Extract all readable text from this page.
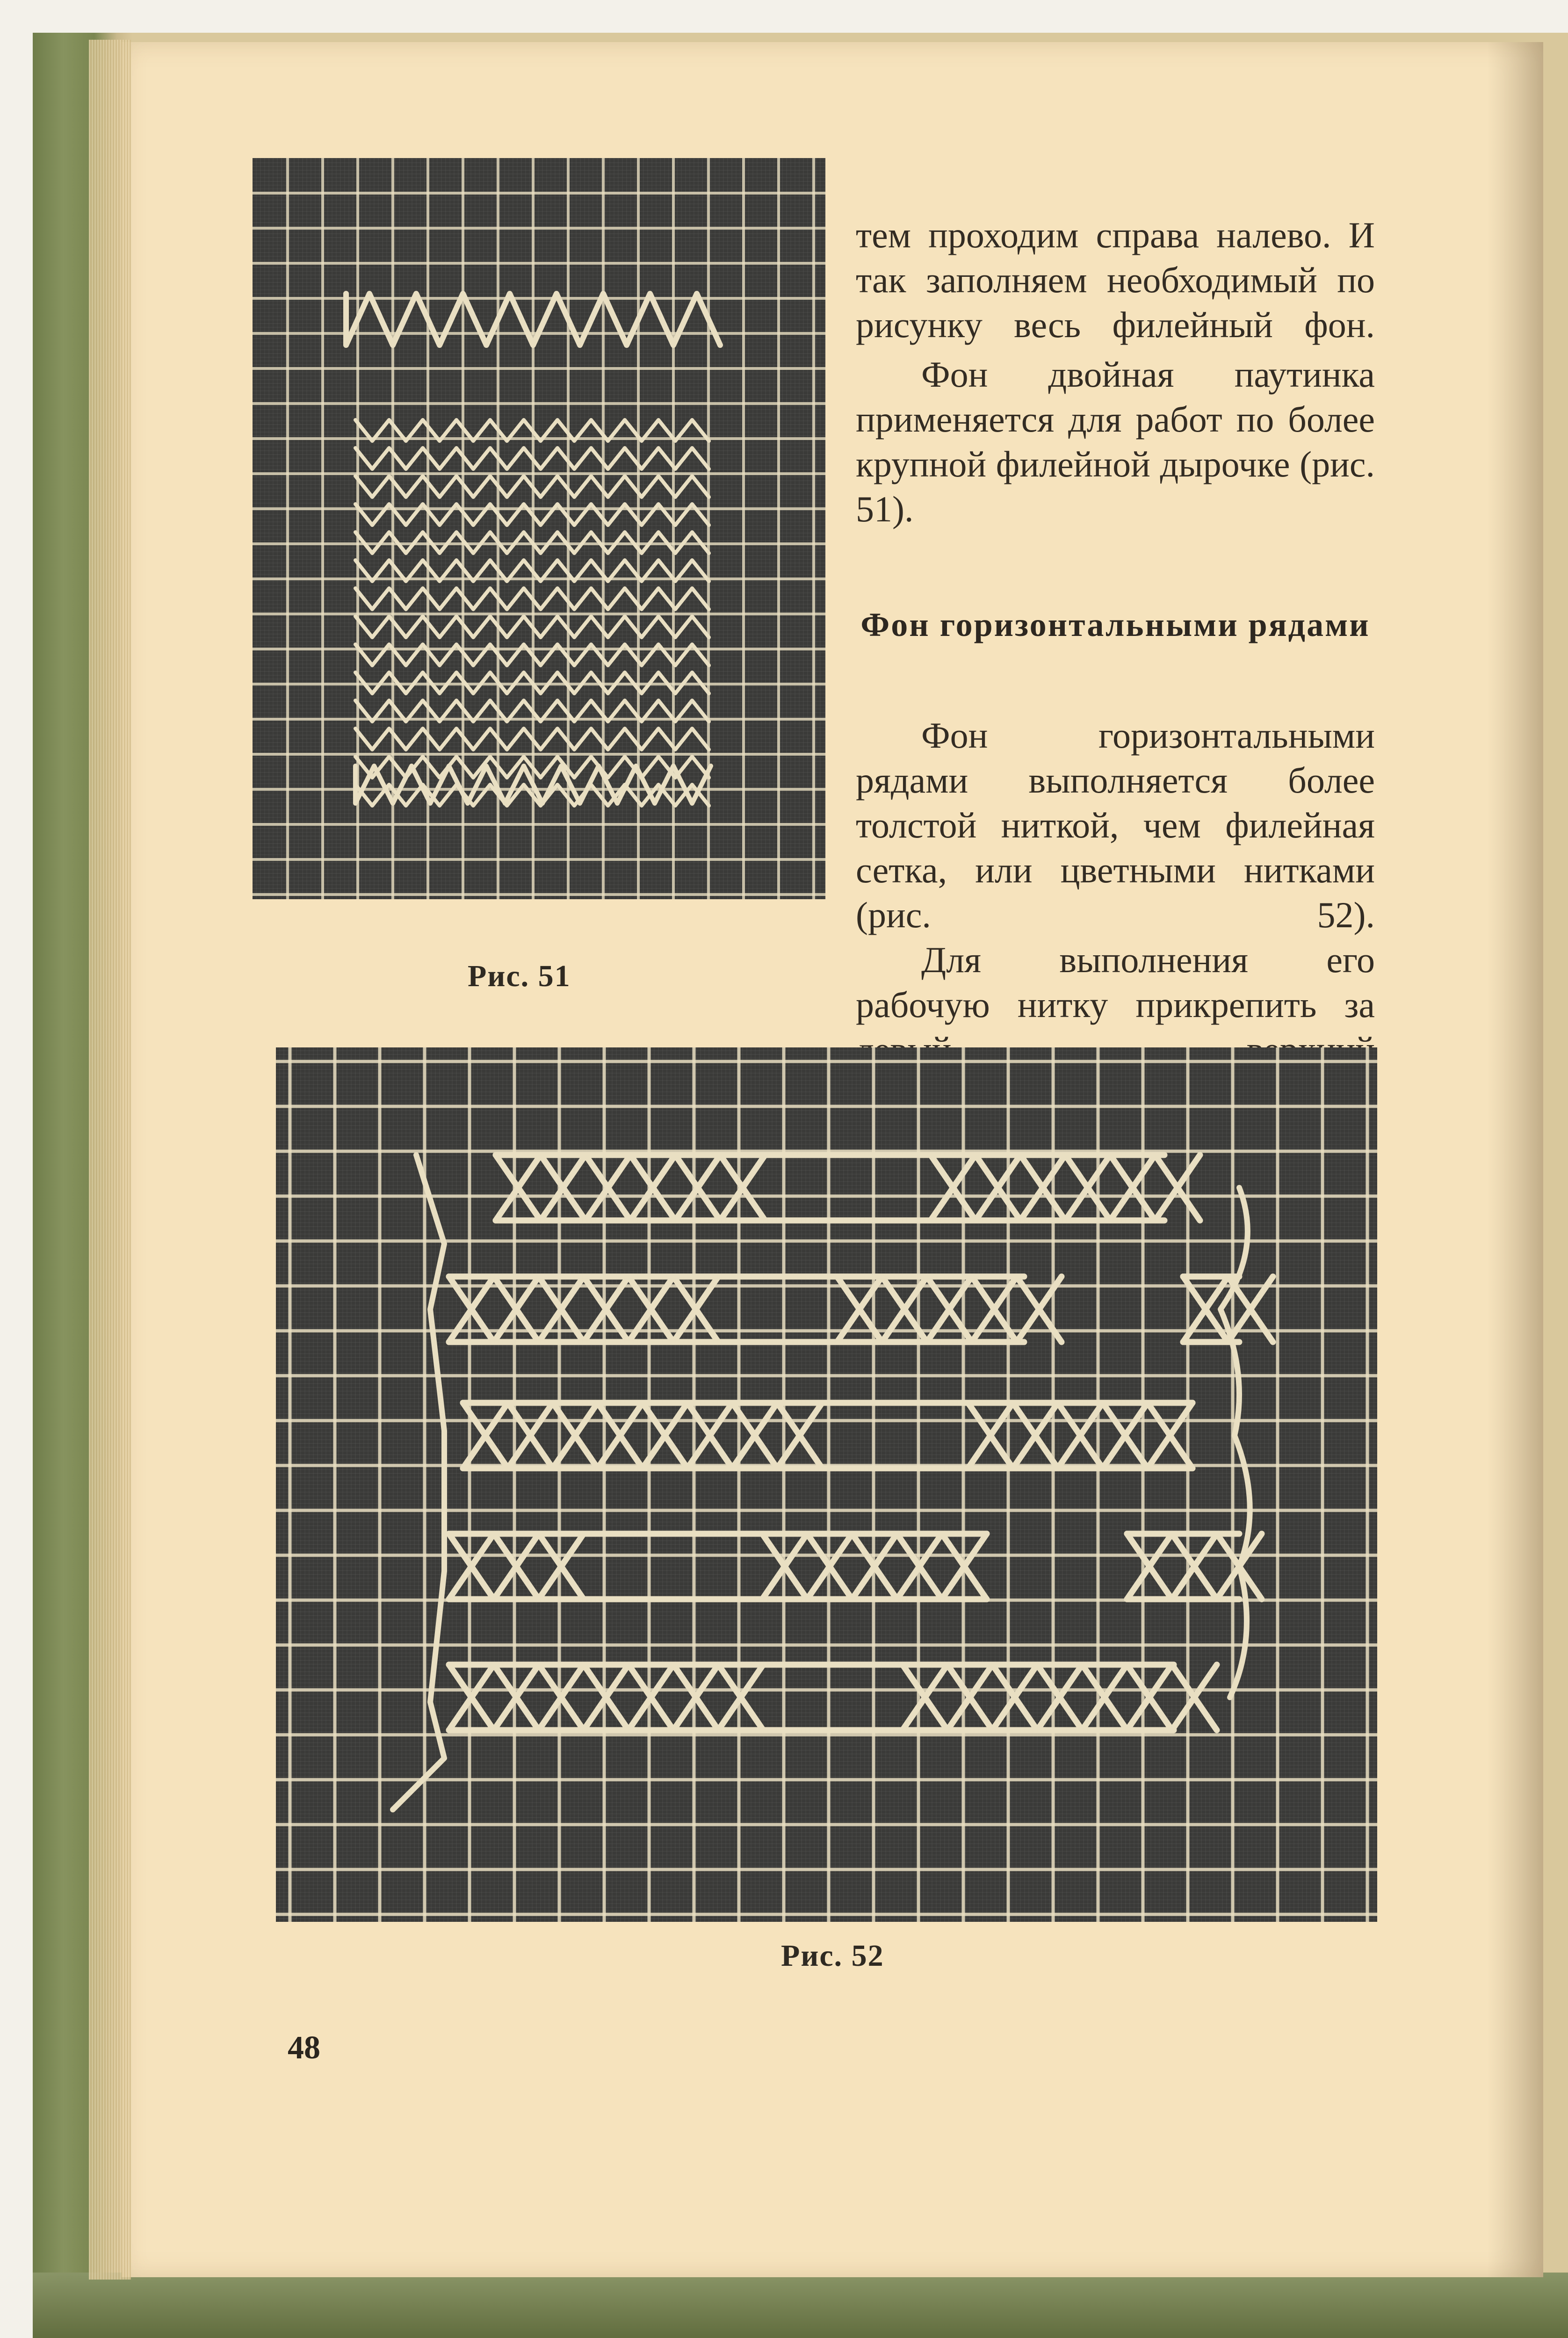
Рис. 51

тем проходим справа налево. И так заполняем необходимый по рисунку весь филейный фон.

Фон двойная паутинка применяется для работ по более крупной филейной дырочке (рис. 51).

Фон горизонтальными рядами

Фон горизонтальными рядами выполняется более толстой ниткой, чем филейная сетка, или цветными нитками (рис. 52).

Для выполнения его рабочую нитку прикрепить за

Рис. 52
48
